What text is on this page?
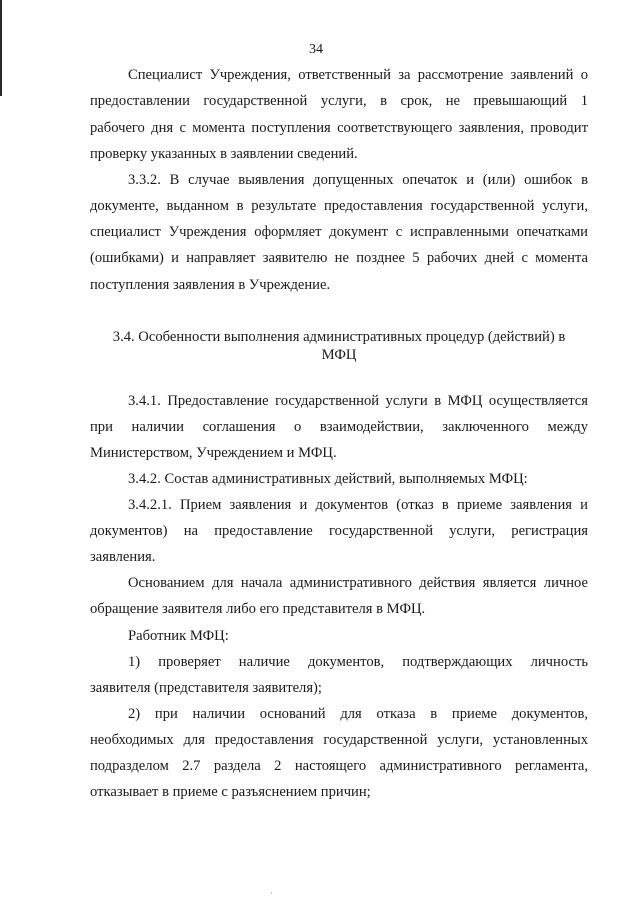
34
Специалист Учреждения, ответственный за рассмотрение заявлений о
предоставлении государственной услуги, в срок, не превышающий 1
рабочего дня с момента поступления соответствующего заявления, проводит
проверку указанных в заявлении сведений.
3.3.2. В случае выявления допущенных опечаток и (или) ошибок в
документе, выданном в результате предоставления государственной услуги,
специалист Учреждения оформляет документ с исправленными опечатками
(ошибками) и направляет заявителю не позднее 5 рабочих дней с момента
поступления заявления в Учреждение.
3.4. Особенности выполнения административных процедур (действий) в
МФЦ
3.4.1. Предоставление государственной услуги в МФЦ осуществляется
при наличии соглашения о взаимодействии, заключенного между
Министерством, Учреждением и МФЦ.
3.4.2. Состав административных действий, выполняемых МФЦ:
3.4.2.1. Прием заявления и документов (отказ в приеме заявления и
документов) на предоставление государственной услуги, регистрация
заявления.
Основанием для начала административного действия является личное
обращение заявителя либо его представителя в МФЦ.
Работник МФЦ:
1) проверяет наличие документов, подтверждающих личность
заявителя (представителя заявителя);
2) при наличии оснований для отказа в приеме документов,
необходимых для предоставления государственной услуги, установленных
подразделом 2.7 раздела 2 настоящего административного регламента,
отказывает в приеме с разъяснением причин;
·
